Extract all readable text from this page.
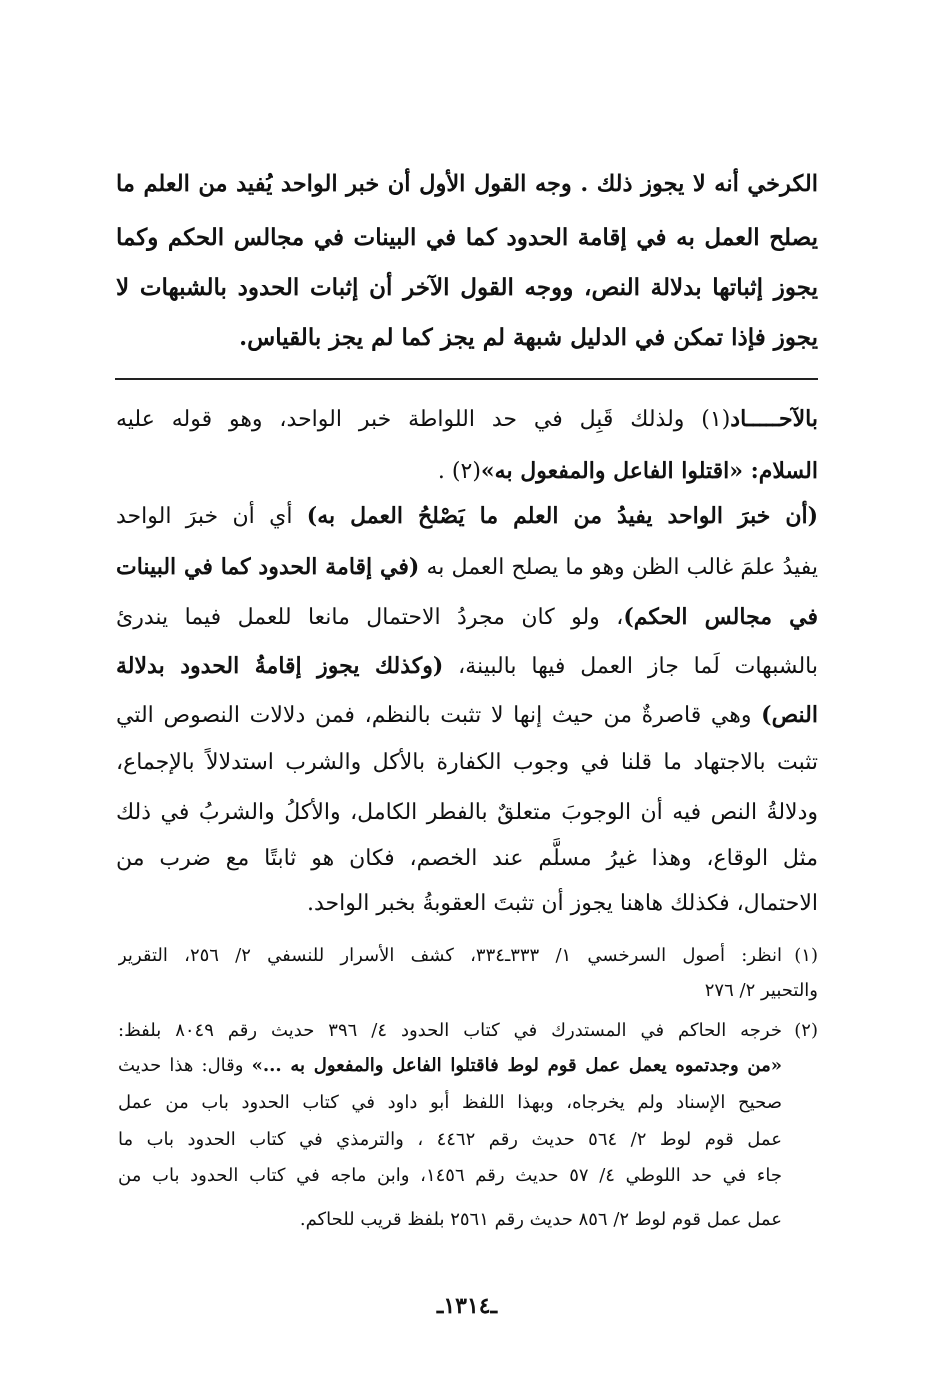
الكرخي أنه لا يجوز ذلك . وجه القول الأول أن خبر الواحد يُفيد من العلم ما
يصلح العمل به في إقامة الحدود كما في البينات في مجالس الحكم وكما
يجوز إثباتها بدلالة النص، ووجه القول الآخر أن إثبات الحدود بالشبهات لا
يجوز فإذا تمكن في الدليل شبهة لم يجز كما لم يجز بالقياس.
بالآحـــــاد(١) ولذلك قَبِل في حد اللواطة خبر الواحد، وهو قوله عليه
السلام: «اقتلوا الفاعل والمفعول به»(٢) .
(أن خبرَ الواحد يفيدُ من العلم ما يَصْلحُ العمل به) أي أن خبرَ الواحد
يفيدُ علمَ غالب الظن وهو ما يصلح العمل به (في إقامة الحدود كما في البينات
في مجالس الحكم)، ولو كان مجردُ الاحتمال مانعا للعمل فيما يندرئ
بالشبهات لَما جاز العمل فيها بالبينة، (وكذلك يجوز إقامةُ الحدود بدلالة
النص) وهي قاصرةٌ من حيث إنها لا تثبت بالنظم، فمن دلالات النصوص التي
تثبت بالاجتهاد ما قلنا في وجوب الكفارة بالأكل والشرب استدلالاً بالإجماع،
ودلالةُ النص فيه أن الوجوبَ متعلقٌ بالفطر الكامل، والأكلُ والشربُ في ذلك
مثل الوقاع، وهذا غيرُ مسلَّم عند الخصم، فكان هو ثابتًا مع ضرب من
الاحتمال، فكذلك هاهنا يجوز أن تثبتَ العقوبةُ بخبر الواحد.
(١)
انظر: أصول السرخسي ١/ ٣٣٣ـ٣٣٤، كشف الأسرار للنسفي ٢/ ٢٥٦، التقرير
والتحبير ٢/ ٢٧٦
(٢)
خرجه الحاكم في المستدرك في كتاب الحدود ٤/ ٣٩٦ حديث رقم ٨٠٤٩ بلفظ:
«من وجدتموه يعمل عمل قوم لوط فاقتلوا الفاعل والمفعول به ...» وقال: هذا حديث
صحيح الإسناد ولم يخرجاه، وبهذا اللفظ أبو داود في كتاب الحدود باب من عمل
عمل قوم لوط ٢/ ٥٦٤ حديث رقم ٤٤٦٢ ، والترمذي في كتاب الحدود باب ما
جاء في حد اللوطي ٤/ ٥٧ حديث رقم ١٤٥٦، وابن ماجه في كتاب الحدود باب من
عمل عمل قوم لوط ٢/ ٨٥٦ حديث رقم ٢٥٦١ بلفظ قريب للحاكم.
ـ١٣١٤ـ
